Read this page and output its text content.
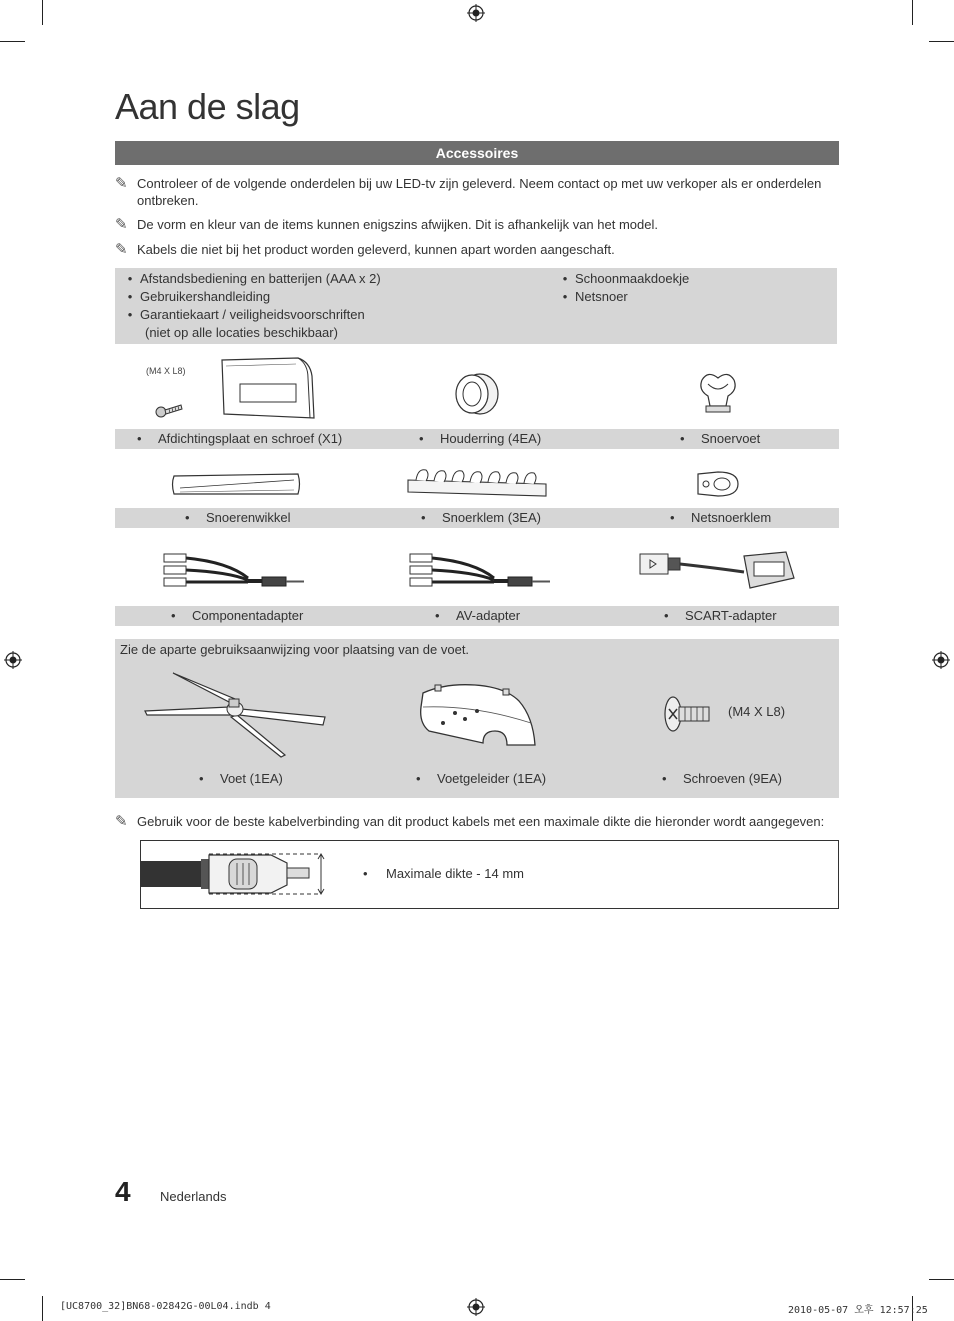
Aan de slag
Accessoires
✎ Controleer of de volgende onderdelen bij uw LED-tv zijn geleverd. Neem contact op met uw verkoper als er onderdelen ontbreken.
✎ De vorm en kleur van de items kunnen enigszins afwijken. Dit is afhankelijk van het model.
✎ Kabels die niet bij het product worden geleverd, kunnen apart worden aangeschaft.
• Afstandsbediening en batterijen (AAA x 2)
• Gebruikershandleiding
• Garantiekaart / veiligheidsvoorschriften
(niet op alle locaties beschikbaar)
• Schoonmaakdoekje
• Netsnoer
(M4 X L8)
• Afdichtingsplaat en schroef (X1)	• Houderring (4EA)	• Snoervoet
• Snoerenwikkel	• Snoerklem (3EA)	• Netsnoerklem
• Componentadapter	• AV-adapter	• SCART-adapter
Zie de aparte gebruiksaanwijzing voor plaatsing van de voet.
(M4 X L8)
• Voet (1EA)	• Voetgeleider (1EA)	• Schroeven (9EA)
✎ Gebruik voor de beste kabelverbinding van dit product kabels met een maximale dikte die hieronder wordt aangegeven:
• Maximale dikte - 14 mm
4 Nederlands
[UC8700_32]BN68-02842G-00L04.indb 4	2010-05-07 오후 12:57:25
